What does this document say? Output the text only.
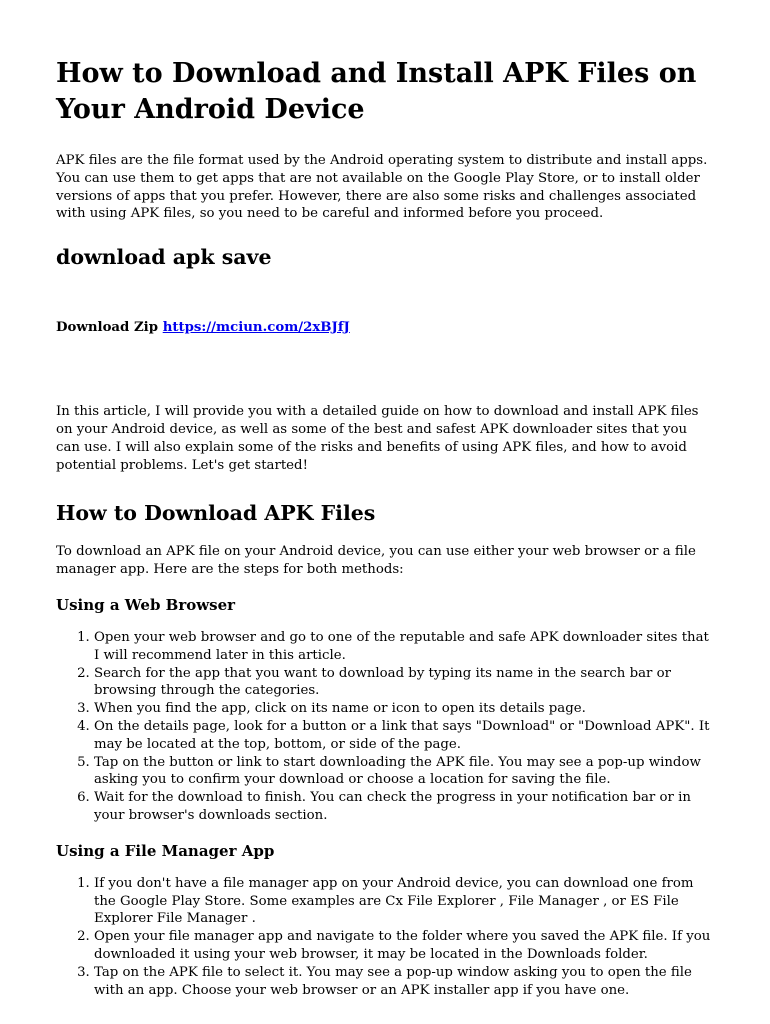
How to Download and Install APK Files on Your Android Device

APK files are the file format used by the Android operating system to distribute and install apps. You can use them to get apps that are not available on the Google Play Store, or to install older versions of apps that you prefer. However, there are also some risks and challenges associated with using APK files, so you need to be careful and informed before you proceed.

download apk save
Download Zip https://mciun.com/2xBJfJ

In this article, I will provide you with a detailed guide on how to download and install APK files on your Android device, as well as some of the best and safest APK downloader sites that you can use. I will also explain some of the risks and benefits of using APK files, and how to avoid potential problems. Let's get started!

How to Download APK Files

To download an APK file on your Android device, you can use either your web browser or a file manager app. Here are the steps for both methods:

Using a Web Browser
1. Open your web browser and go to one of the reputable and safe APK downloader sites that I will recommend later in this article.
2. Search for the app that you want to download by typing its name in the search bar or browsing through the categories.
3. When you find the app, click on its name or icon to open its details page.
4. On the details page, look for a button or a link that says "Download" or "Download APK". It may be located at the top, bottom, or side of the page.
5. Tap on the button or link to start downloading the APK file. You may see a pop-up window asking you to confirm your download or choose a location for saving the file.
6. Wait for the download to finish. You can check the progress in your notification bar or in your browser's downloads section.
Using a File Manager App
1. If you don't have a file manager app on your Android device, you can download one from the Google Play Store. Some examples are Cx File Explorer , File Manager , or ES File Explorer File Manager .
2. Open your file manager app and navigate to the folder where you saved the APK file. If you downloaded it using your web browser, it may be located in the Downloads folder.
3. Tap on the APK file to select it. You may see a pop-up window asking you to open the file with an app. Choose your web browser or an APK installer app if you have one.
